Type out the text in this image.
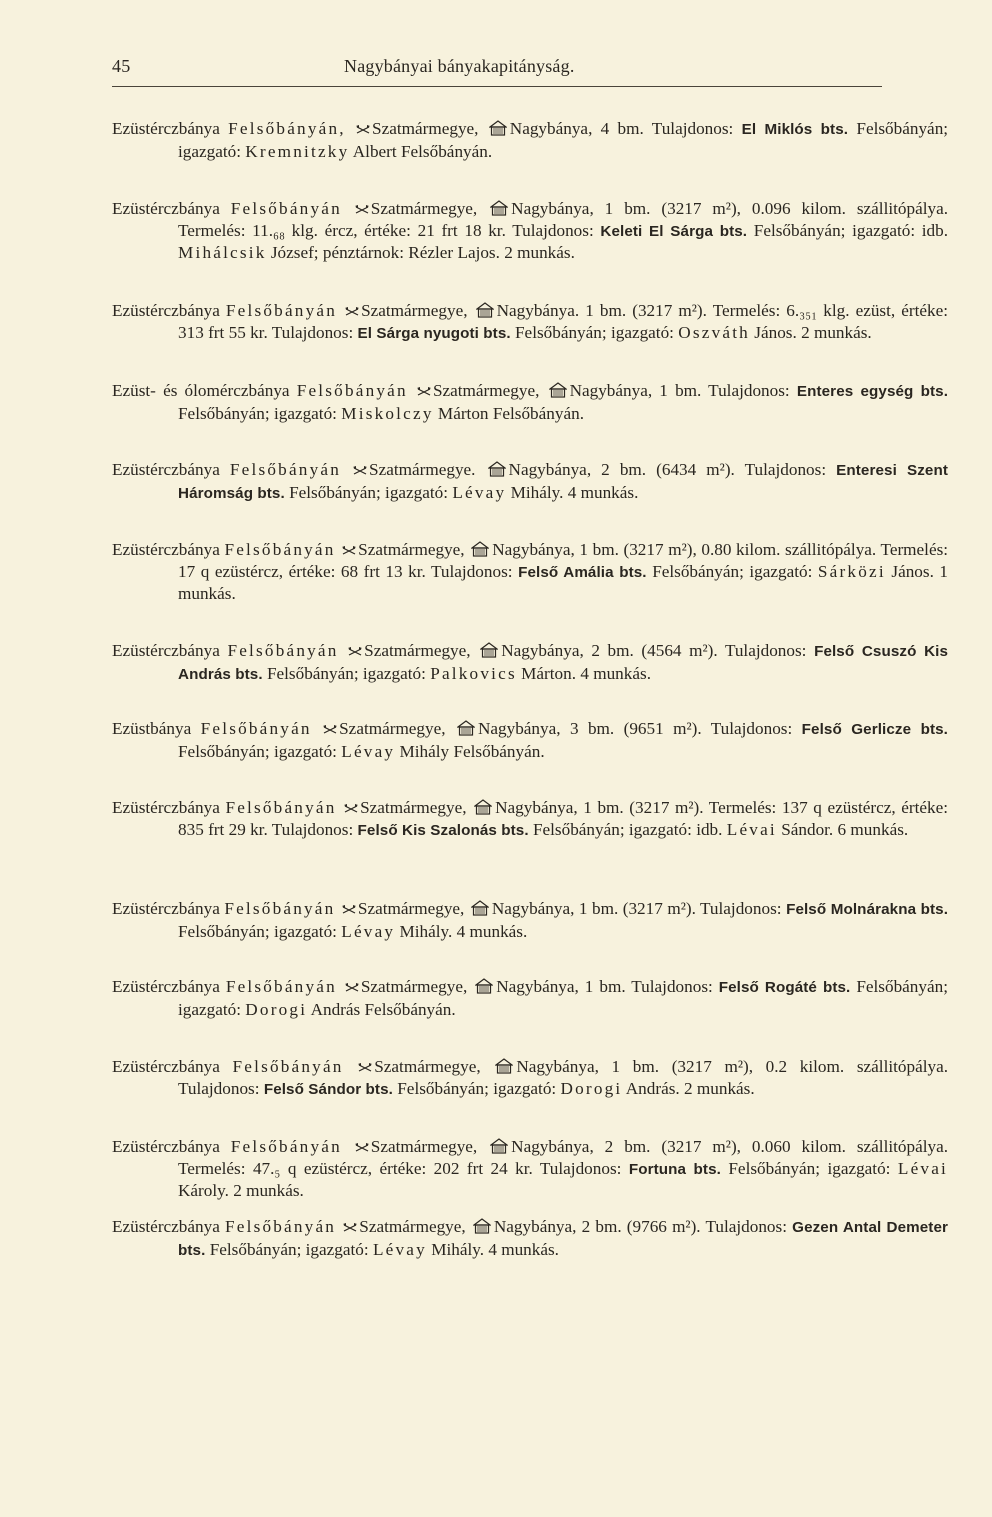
45	Nagybányai bányakapitányság.

Ezüstérczbánya Felsőbányán, Szatmármegye, Nagybánya, 4 bm. Tulajdonos: El Miklós bts. Felsőbányán; igazgató: Kremnitzky Albert Felsőbányán.

Ezüstérczbánya Felsőbányán Szatmármegye, Nagybánya, 1 bm. (3217 m²), 0.096 kilom. szállitópálya. Termelés: 11.₆₈ klg. ércz, értéke: 21 frt 18 kr. Tulajdonos: Keleti El Sárga bts. Felsőbányán; igazgató: idb. Mihálcsik József; pénztárnok: Rézler Lajos. 2 munkás.

Ezüstérczbánya Felsőbányán Szatmármegye, Nagybánya. 1 bm. (3217 m²). Termelés: 6.₃₅₁ klg. ezüst, értéke: 313 frt 55 kr. Tulajdonos: El Sárga nyugoti bts. Felsőbányán; igazgató: Oszváth János. 2 munkás.

Ezüst- és ólomérczbánya Felsőbányán Szatmármegye, Nagybánya, 1 bm. Tulajdonos: Enteres egység bts. Felsőbányán; igazgató: Miskolczy Márton Felsőbányán.

Ezüstérczbánya Felsőbányán Szatmármegye. Nagybánya, 2 bm. (6434 m²). Tulajdonos: Enteresi Szent Háromság bts. Felsőbányán; igazgató: Lévay Mihály. 4 munkás.

Ezüstérczbánya Felsőbányán Szatmármegye, Nagybánya, 1 bm. (3217 m²), 0.80 kilom. szállitópálya. Termelés: 17 q ezüstércz, értéke: 68 frt 13 kr. Tulajdonos: Felső Amália bts. Felsőbányán; igazgató: Sárközi János. 1 munkás.

Ezüstérczbánya Felsőbányán Szatmármegye, Nagybánya, 2 bm. (4564 m²). Tulajdonos: Felső Csuszó Kis András bts. Felsőbányán; igazgató: Palkovics Márton. 4 munkás.

Ezüstbánya Felsőbányán Szatmármegye, Nagybánya, 3 bm. (9651 m²). Tulajdonos: Felső Gerlicze bts. Felsőbányán; igazgató: Lévay Mihály Felsőbányán.

Ezüstérczbánya Felsőbányán Szatmármegye, Nagybánya, 1 bm. (3217 m²). Termelés: 137 q ezüstércz, értéke: 835 frt 29 kr. Tulajdonos: Felső Kis Szalonás bts. Felsőbányán; igazgató: idb. Lévai Sándor. 6 munkás.

Ezüstérczbánya Felsőbányán Szatmármegye, Nagybánya, 1 bm. (3217 m²). Tulajdonos: Felső Molnárakna bts. Felsőbányán; igazgató: Lévay Mihály. 4 munkás.

Ezüstérczbánya Felsőbányán Szatmármegye, Nagybánya, 1 bm. Tulajdonos: Felső Rogáté bts. Felsőbányán; igazgató: Dorogi András Felsőbányán.

Ezüstérczbánya Felsőbányán Szatmármegye, Nagybánya, 1 bm. (3217 m²), 0.2 kilom. szállitópálya. Tulajdonos: Felső Sándor bts. Felsőbányán; igazgató: Dorogi András. 2 munkás.

Ezüstérczbánya Felsőbányán Szatmármegye, Nagybánya, 2 bm. (3217 m²), 0.060 kilom. szállitópálya. Termelés: 47.₅ q ezüstércz, értéke: 202 frt 24 kr. Tulajdonos: Fortuna bts. Felsőbányán; igazgató: Lévai Károly. 2 munkás.

Ezüstérczbánya Felsőbányán Szatmármegye, Nagybánya, 2 bm. (9766 m²). Tulajdonos: Gezen Antal Demeter bts. Felsőbányán; igazgató: Lévay Mihály. 4 munkás.
